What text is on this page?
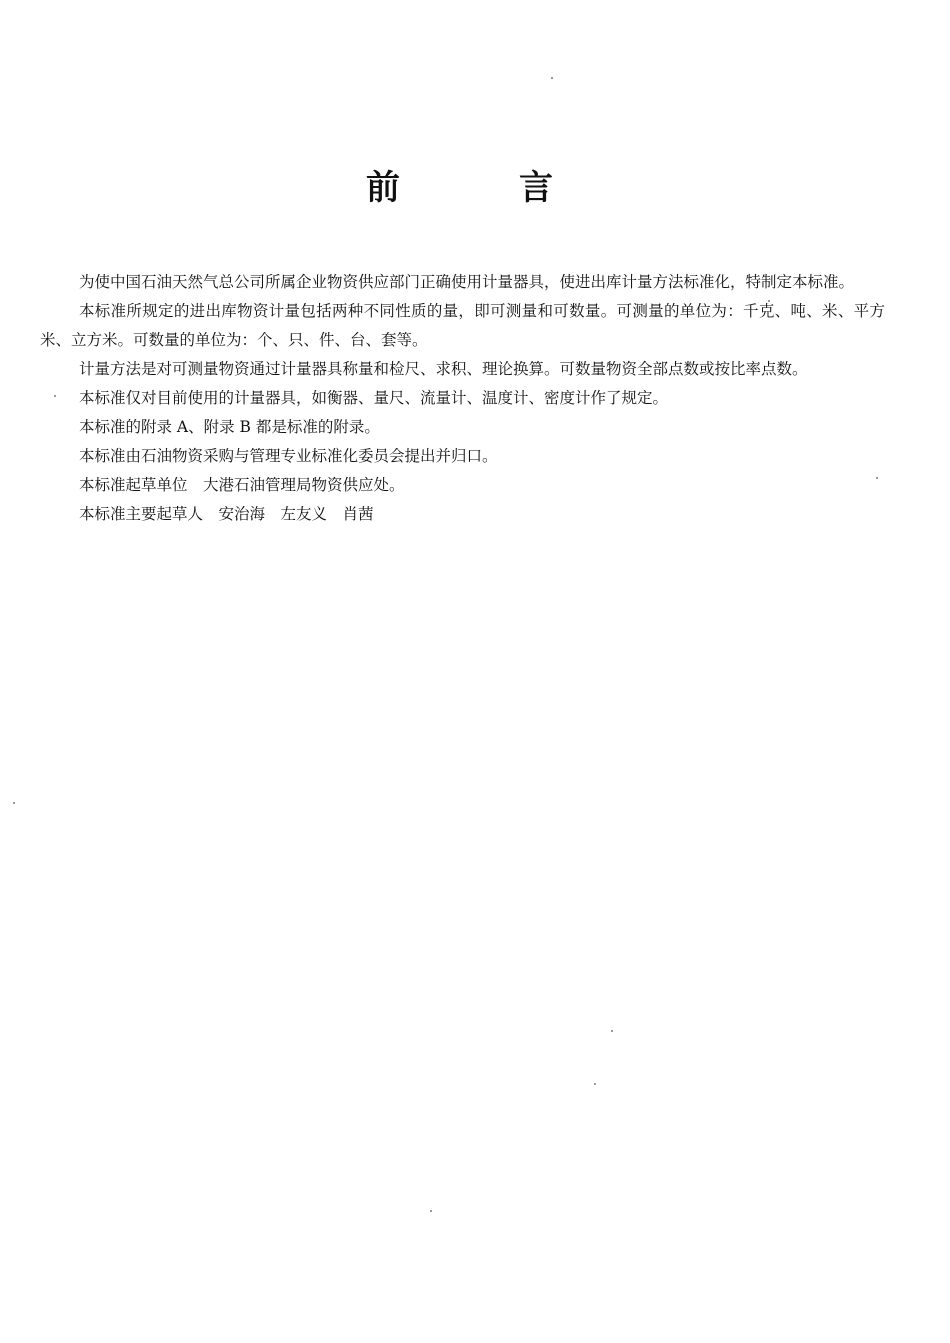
前	言

为使中国石油天然气总公司所属企业物资供应部门正确使用计量器具，使进出库计量方法标准化，特制定本标准。

本标准所规定的进出库物资计量包括两种不同性质的量，即可测量和可数量。可测量的单位为：千克、吨、米、平方米、立方米。可数量的单位为：个、只、件、台、套等。

计量方法是对可测量物资通过计量器具称量和检尺、求积、理论换算。可数量物资全部点数或按比率点数。

本标准仅对目前使用的计量器具，如衡器、量尺、流量计、温度计、密度计作了规定。

本标准的附录 A、附录 B 都是标准的附录。

本标准由石油物资采购与管理专业标准化委员会提出并归口。

本标准起草单位　大港石油管理局物资供应处。

本标准主要起草人　安治海　左友义　肖茜
